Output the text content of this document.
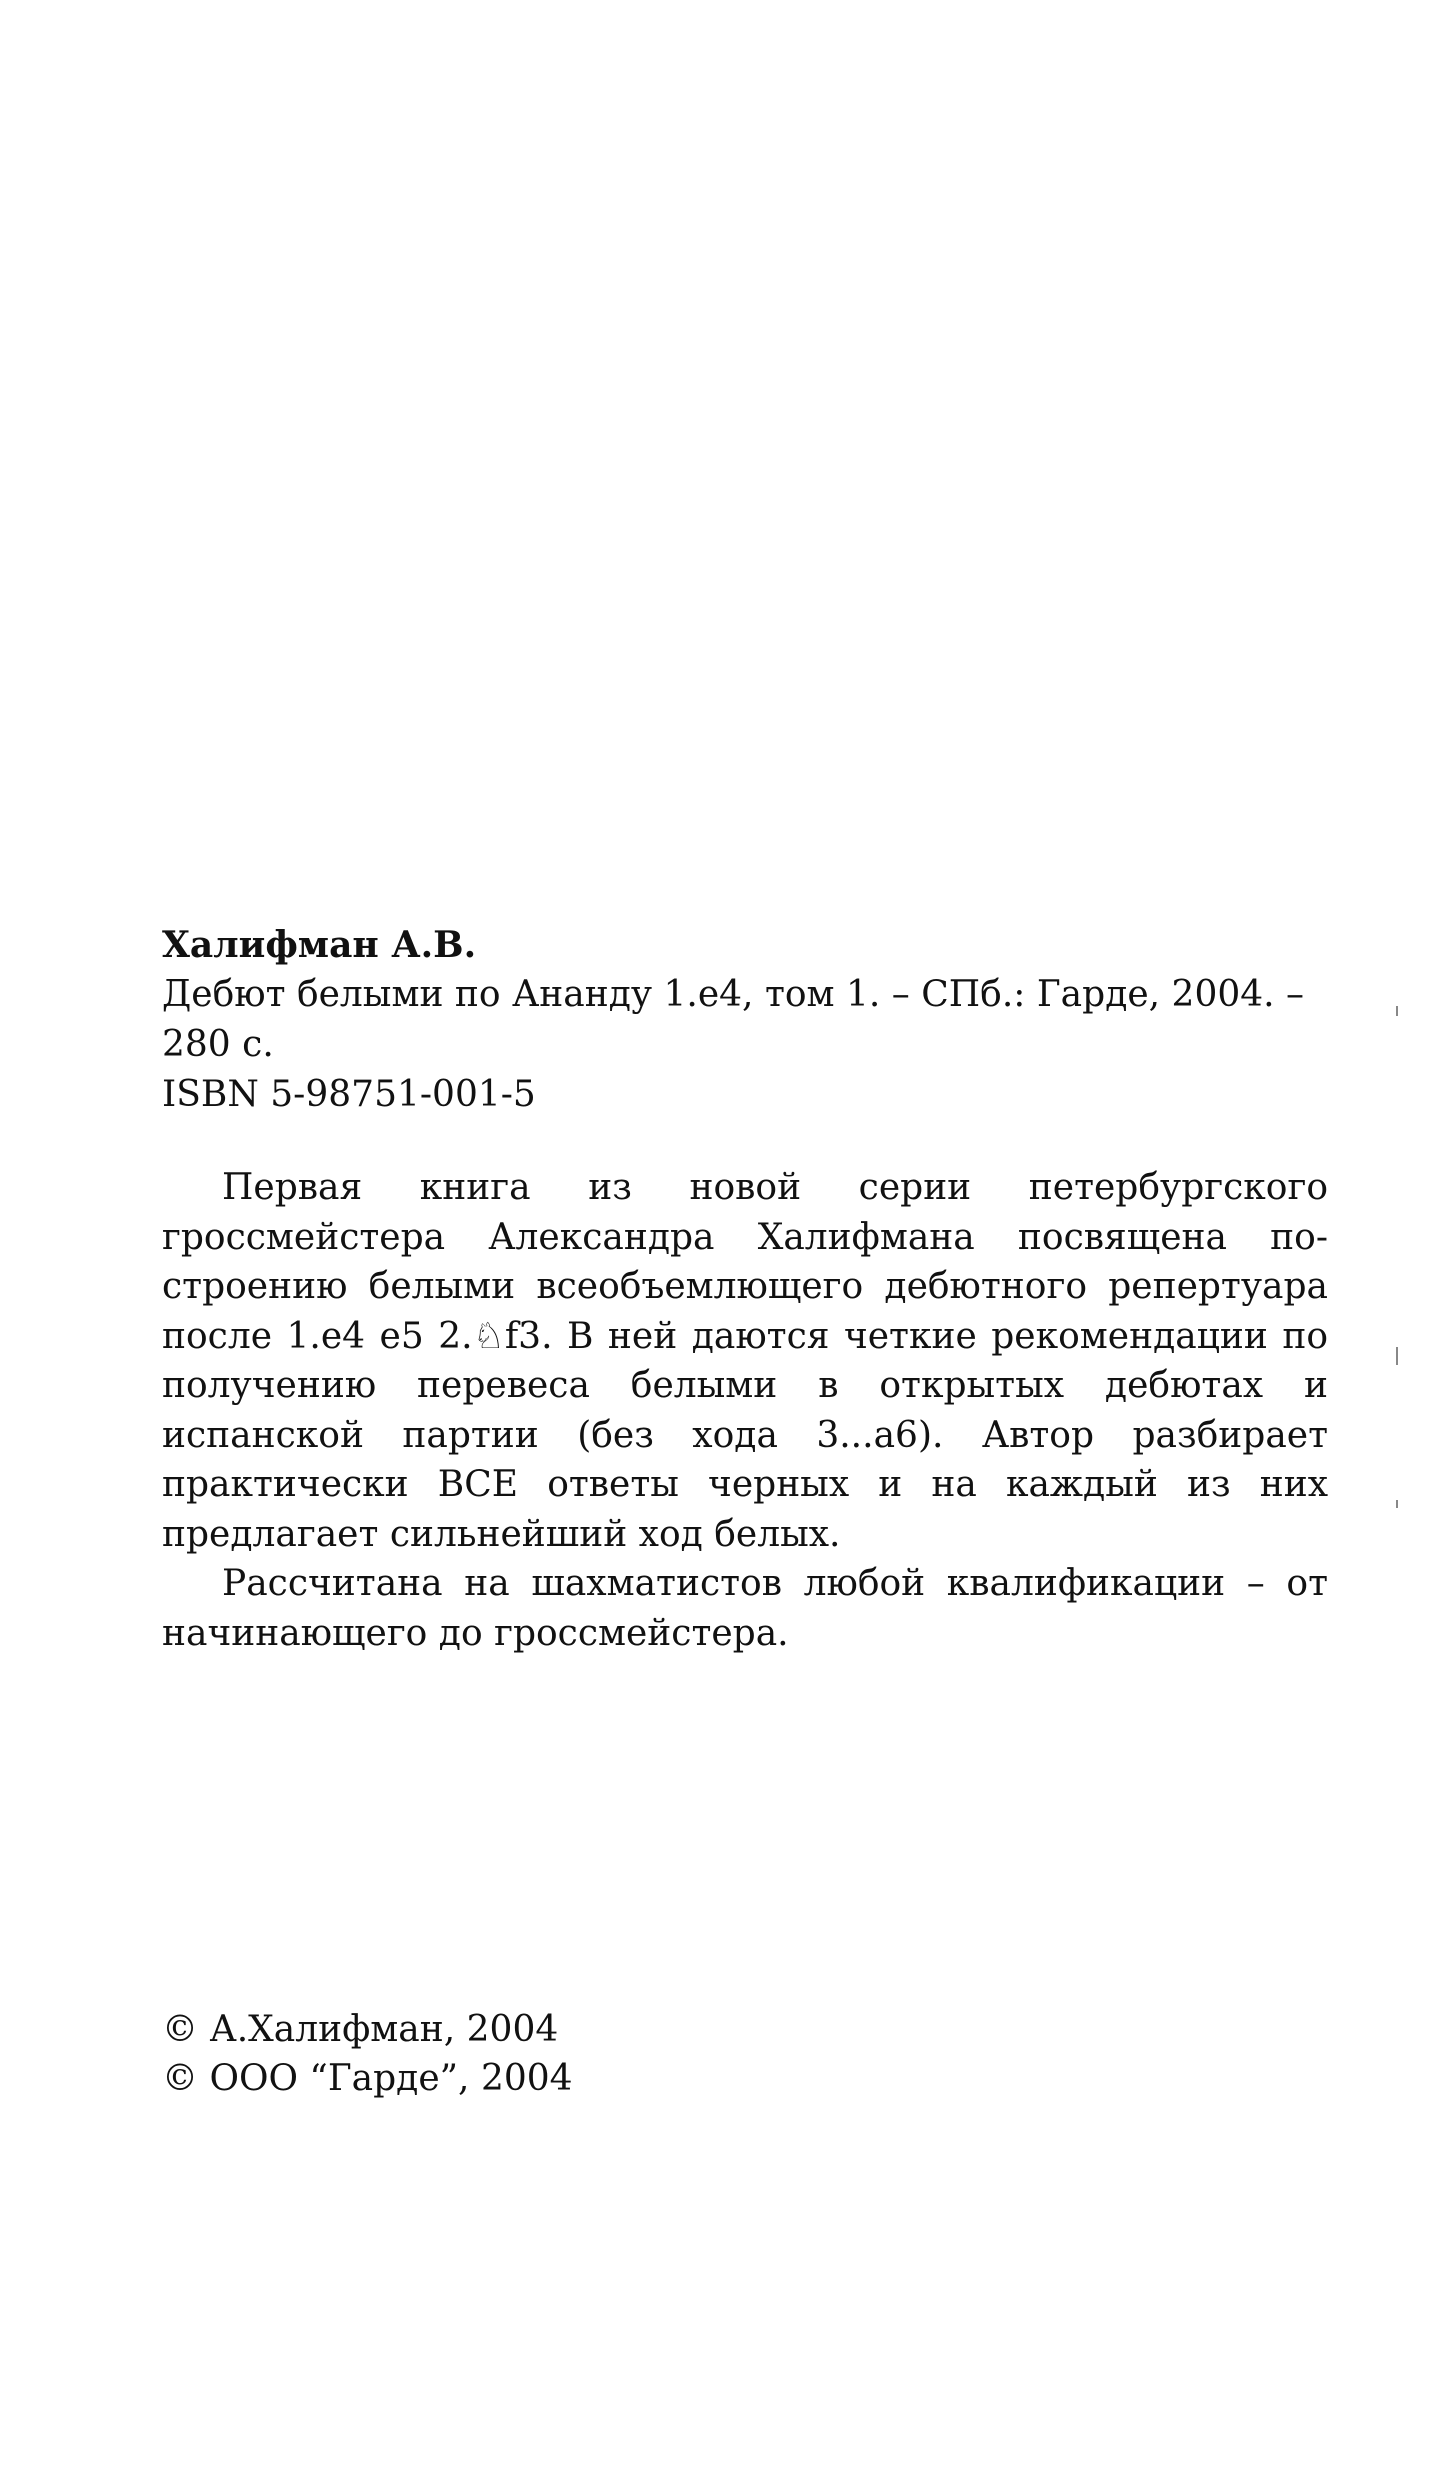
Халифман А.В.
Дебют белыми по Ананду 1.е4, том 1. – СПб.: Гарде, 2004. –
280 с.
ISBN 5-98751-001-5

Первая книга из новой серии петербургского гроссмейстера Александра Халифмана посвящена построению белыми всеобъемлющего дебютного репертуара после 1.е4 е5 2.♘f3. В ней даются четкие рекомендации по получению перевеса белыми в открытых дебютах и испанской партии (без хода 3...а6). Автор разбирает практически ВСЕ ответы черных и на каждый из них предлагает сильнейший ход белых.

Рассчитана на шахматистов любой квалификации – от начинающего до гроссмейстера.

© А.Халифман, 2004
© ООО “Гарде”, 2004
